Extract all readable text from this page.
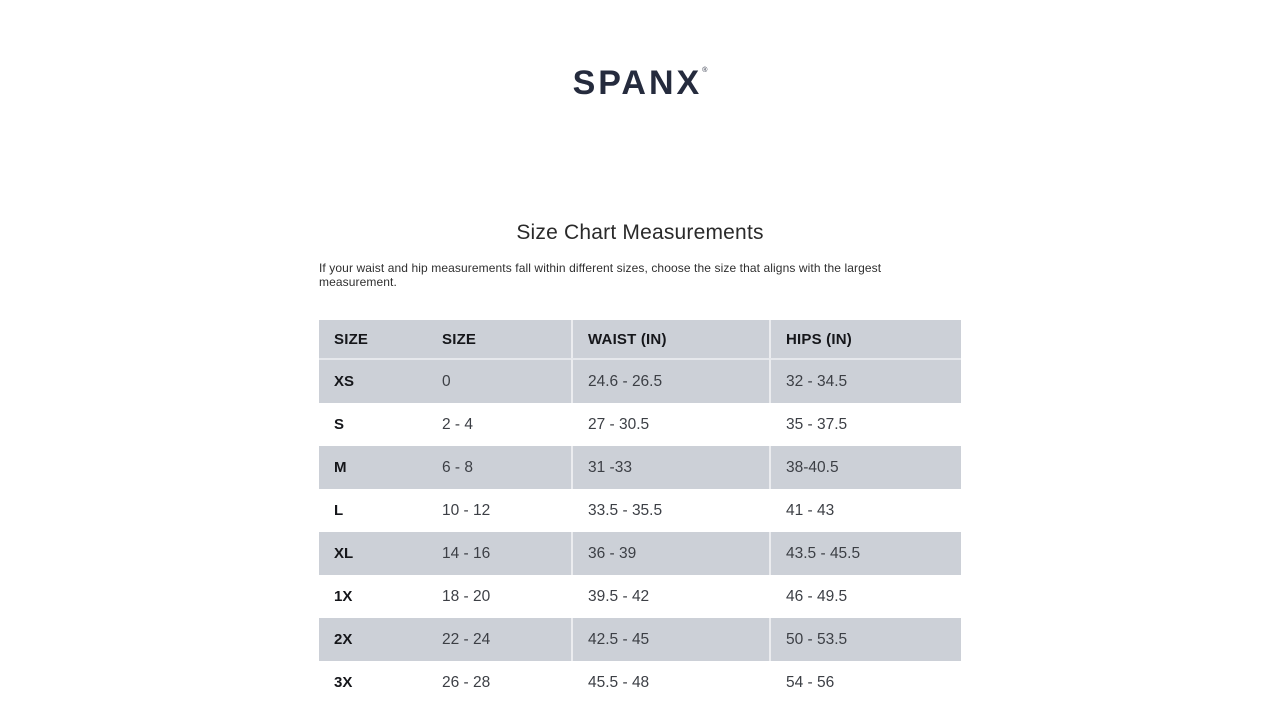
SPANX®
Size Chart Measurements
If your waist and hip measurements fall within different sizes, choose the size that aligns with the largest measurement.
SIZE	SIZE	WAIST (IN)	HIPS (IN)
XS	0	24.6 - 26.5	32 - 34.5
S	2 - 4	27 - 30.5	35 - 37.5
M	6 - 8	31 -33	38-40.5
L	10 - 12	33.5 - 35.5	41 - 43
XL	14 - 16	36 - 39	43.5 - 45.5
1X	18 - 20	39.5 - 42	46 - 49.5
2X	22 - 24	42.5 - 45	50 - 53.5
3X	26 - 28	45.5 - 48	54 - 56
